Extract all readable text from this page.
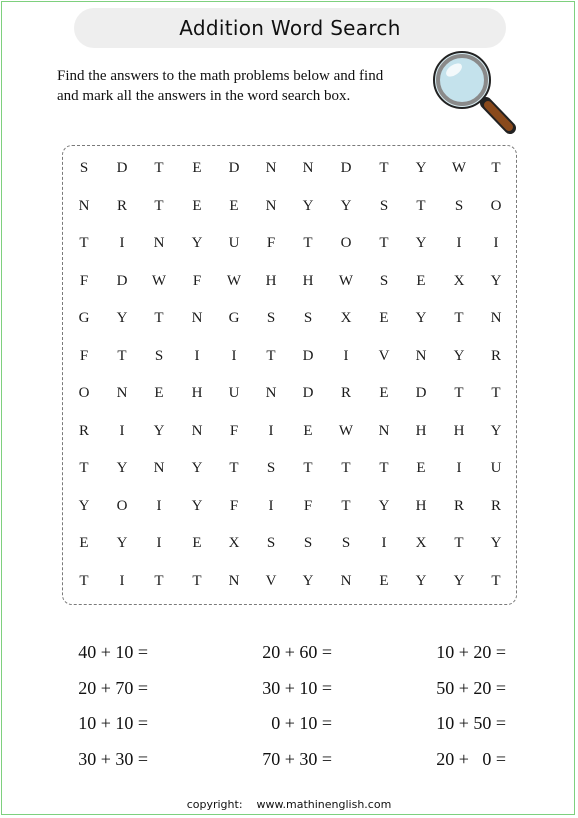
Addition Word Search
Find the answers to the math problems below and find
and mark all the answers in the word search box.
S	D	T	E	D	N	N	D	T	Y	W	T
N	R	T	E	E	N	Y	Y	S	T	S	O
T	I	N	Y	U	F	T	O	T	Y	I	I
F	D	W	F	W	H	H	W	S	E	X	Y
G	Y	T	N	G	S	S	X	E	Y	T	N
F	T	S	I	I	T	D	I	V	N	Y	R
O	N	E	H	U	N	D	R	E	D	T	T
R	I	Y	N	F	I	E	W	N	H	H	Y
T	Y	N	Y	T	S	T	T	T	E	I	U
Y	O	I	Y	F	I	F	T	Y	H	R	R
E	Y	I	E	X	S	S	S	I	X	T	Y
T	I	T	T	N	V	Y	N	E	Y	Y	T
40 + 10 =	20 + 60 =	10 + 20 =
20 + 70 =	30 + 10 =	50 + 20 =
10 + 10 =	0 + 10 =	10 + 50 =
30 + 30 =	70 + 30 =	20 +   0 =
copyright:    www.mathinenglish.com
